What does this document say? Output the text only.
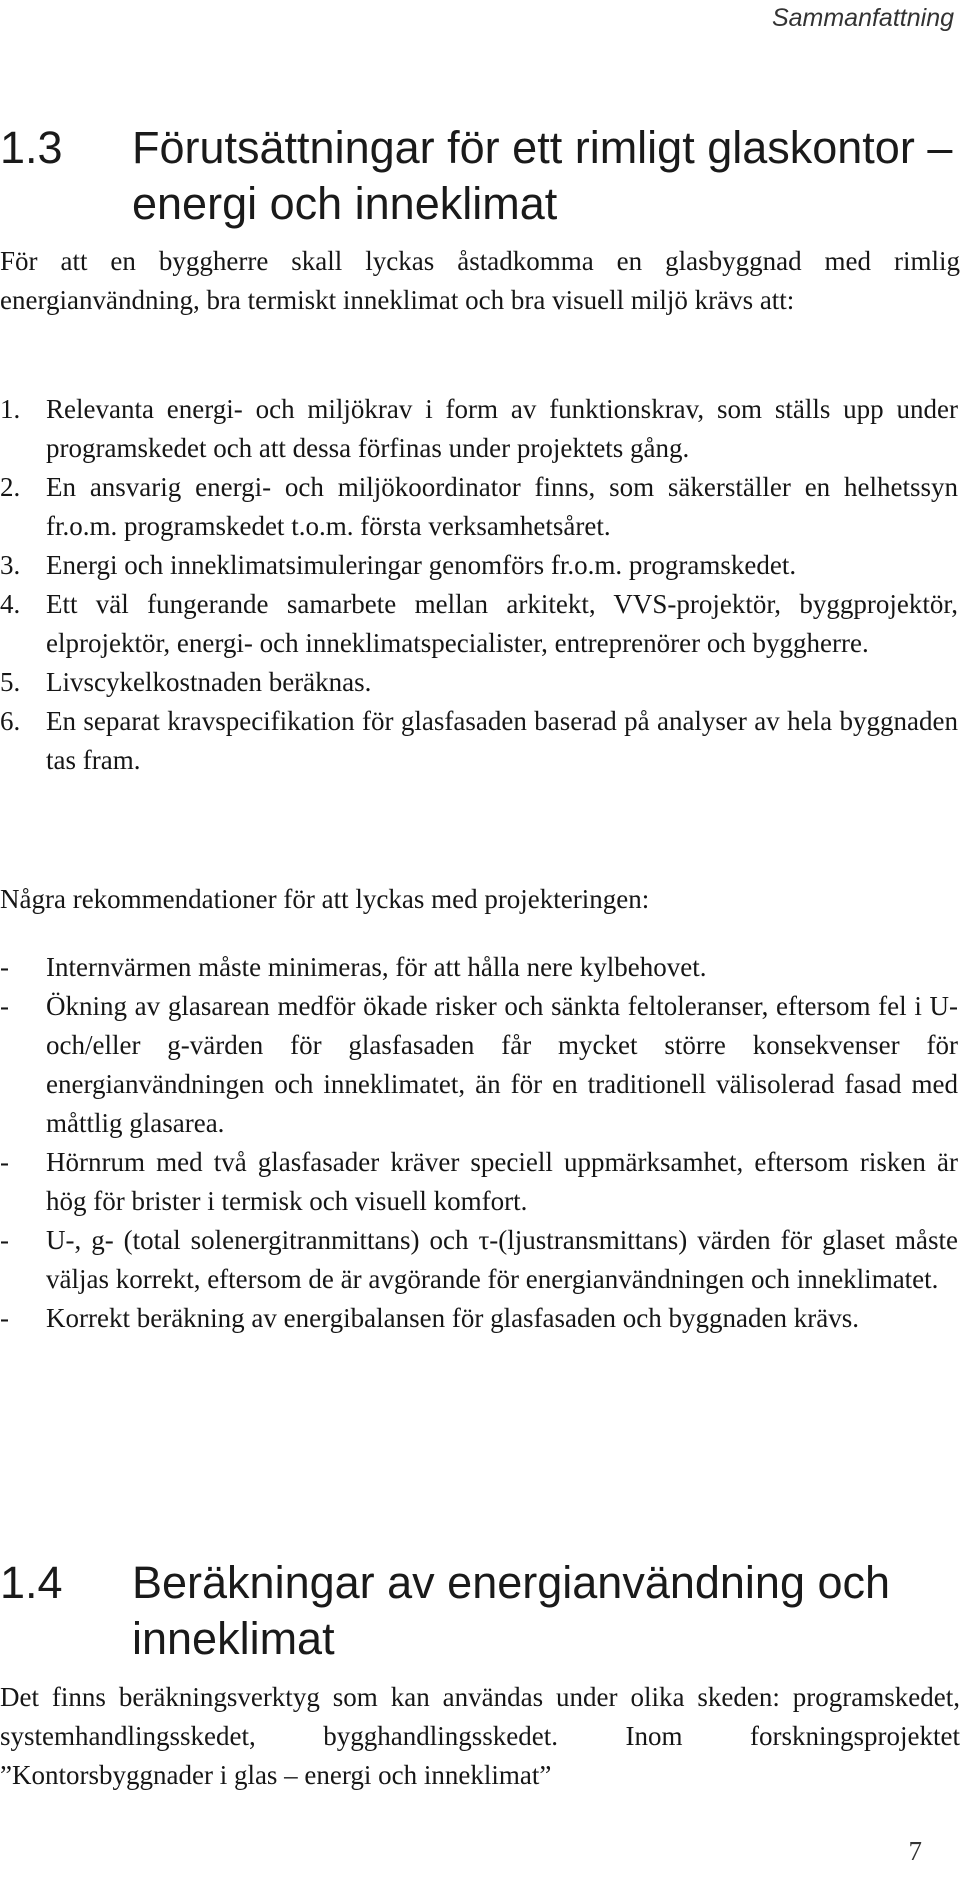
Sammanfattning
1.3	Förutsättningar för ett rimligt glaskontor – energi och inneklimat

För att en byggherre skall lyckas åstadkomma en glasbyggnad med rimlig energianvändning, bra termiskt inneklimat och bra visuell miljö krävs att:

1. Relevanta energi- och miljökrav i form av funktionskrav, som ställs upp under programskedet och att dessa förfinas under projektets gång.
2. En ansvarig energi- och miljökoordinator finns, som säkerställer en helhetssyn fr.o.m. programskedet t.o.m. första verksamhetsåret.
3. Energi och inneklimatsimuleringar genomförs fr.o.m. programskedet.
4. Ett väl fungerande samarbete mellan arkitekt, VVS-projektör, byggprojektör, elprojektör, energi- och inneklimatspecialister, entreprenörer och byggherre.
5. Livscykelkostnaden beräknas.
6. En separat kravspecifikation för glasfasaden baserad på analyser av hela byggnaden tas fram.

Några rekommendationer för att lyckas med projekteringen:

- Internvärmen måste minimeras, för att hålla nere kylbehovet.
- Ökning av glasarean medför ökade risker och sänkta feltoleranser, eftersom fel i U- och/eller g-värden för glasfasaden får mycket större konsekvenser för energianvändningen och inneklimatet, än för en traditionell välisolerad fasad med måttlig glasarea.
- Hörnrum med två glasfasader kräver speciell uppmärksamhet, eftersom risken är hög för brister i termisk och visuell komfort.
- U-, g- (total solenergitranmittans) och τ-(ljustransmittans) värden för glaset måste väljas korrekt, eftersom de är avgörande för energianvändningen och inneklimatet.
- Korrekt beräkning av energibalansen för glasfasaden och byggnaden krävs.
1.4	Beräkningar av energianvändning och inneklimat

Det finns beräkningsverktyg som kan användas under olika skeden: programskedet, systemhandlingsskedet, bygghandlingsskedet. Inom forskningsprojektet ”Kontorsbyggnader i glas – energi och inneklimat”

7
